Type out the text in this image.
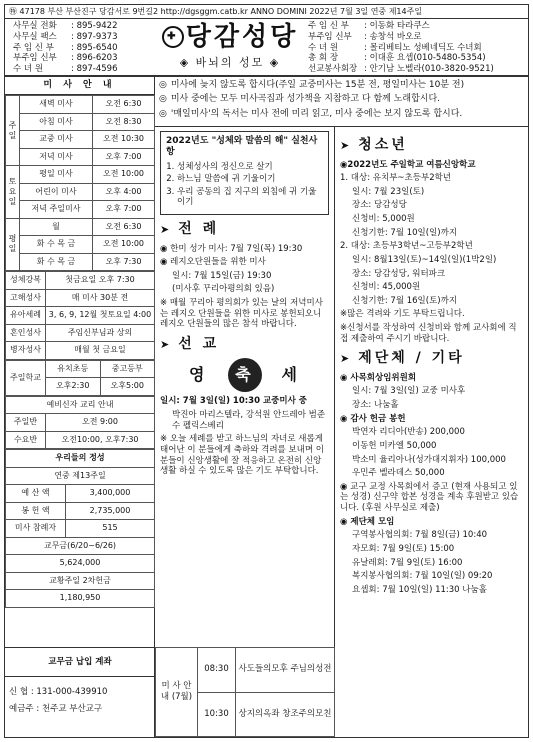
㊕ 47178 부산 부산진구 당감서로 9번길2 http://dgsggm.catb.kr ANNO DOMINI 2022년 7월 3일 연중 제14주일
사무실 전화	: 895-9422
사무실 팩스	: 897-9373
주 임 신 부	: 895-6540
부주임 신부	: 896-6203
수 녀 원	: 897-4596
✚ 당감성당
◈ 바뇌의 성모 ◈
주 임 신 부	: 이동화 타라쿠스
부주임 신부	: 송창석 바오로
수 녀 원	: 몰리베티노 성베네딕도 수녀회
총 회 장	: 이대훈 요셉(010-5480-5354)
선교봉사회장 : 안기남 노벨라(010-3820-9521)
미 사 안 내
주일	새벽 미사	오전 6:30
	아침 미사	오전 8:30
	교중 미사	오전 10:30
	저녁 미사	오후 7:00
토요일	평일 미사	오전 10:00
	어린이 미사	오후 4:00
	저녁 주일미사	오후 7:00
평일	월	오전 6:30
	화 수 목 금	오전 10:00
	화 수 목 금	오후 7:30
성체강복	첫금요일 오후 7:30
고해성사	매 미사 30분 전
유아세례	3, 6, 9, 12월 첫토요일 4:00
혼인성사	주임신부님과 상의
병자성사	매월 첫 금요일
주일학교	유치초등	중고등부
	오후2:30	오후5:00
예비신자 교리 안내	
주일반	오전 9:00
수요반	오전10:00, 오후7:30
우리들의 정성	
연중 제13주일	
예 산 액	3,400,000
봉 헌 액	2,735,000
미사 참례자	515
교무금(6/20~6/26)	
5,624,000	
교황주일 2차헌금	
1,180,950	
교무금 납입 계좌
신 협 : 131-000-439910
예금주 : 천주교 부산교구

◎ 미사에 늦지 않도록 합시다(주일 교중미사는 15분 전, 평일미사는 10분 전)

◎ 미사 중에는 모두 미사곡집과 성가책을 지참하고 다 함께 노래합시다.

◎ '매일미사'의 독서는 미사 전에 미리 읽고, 미사 중에는 보지 않도록 합시다.

2022년도 "성체와 말씀의 해" 실천사항
1. 성체성사의 정신으로 살기
2. 하느님 말씀에 귀 기울이기
3. 우리 공동의 집 지구의 외침에 귀 기울이기
➤ 전 례
◉ 한미 성가 미사: 7월 7일(목) 19:30
◉ 레지오단원들을 위한 미사
일시: 7월 15일(금) 19:30
(미사후 꾸리아평의회 있음)
※ 매월 꾸리아 평의회가 있는 날의 저녁미사는 레지오 단원들을 위한 미사로 봉헌되오니 레지오 단원들의 많은 참석 바랍니다.
➤ 선 교
영	축	세
일시: 7월 3일(일) 10:30 교중미사 중
박진아 마리스텔라, 강석원 안드레아 범준수 펠릭스베리
※ 오늘 세례를 받고 하느님의 자녀로 새롭게 태어난 이 분들에게 축하와 격려를 보내며 이 분들이 신앙생활에 잘 적응하고 온전히 신앙생활 하실 수 있도록 많은 기도 부탁합니다.
미 사 안 내 (7월)	08:30	사도들의모후 주님의성전
	10:30	상지의옥좌 창조주의모친
➤ 청소년
◉2022년도 주일학교 여름신앙학교
1. 대상: 유치부~초등부2학년
일시: 7월 23일(토)
장소: 당감성당
신청비: 5,000원
신청기한: 7월 10일(일)까지
2. 대상: 초등부3학년~고등부2학년
일시: 8월13일(토)~14일(일)(1박2일)
장소: 당감성당, 워터파크
신청비: 45,000원
신청기한: 7월 16일(토)까지
※많은 격려와 기도 부탁드립니다.
※신청서를 작성하여 신청비와 함께 교사회에 직접 제출하여 주시기 바랍니다.
➤ 제단체 / 기타
◉ 사목회상임위원회
일시: 7월 3일(일) 교중 미사후
장소: 나눔홀
◉ 감사 헌금 봉헌
박연자 리디아(반송) 200,000
이동헌 미카엘 50,000
박소미 율리아나(성가대지휘자) 100,000
우민주 벨라데스 50,000
◉ 교구 교정 사목회에서 증고 (현재 사용되고 있는 성경) 신구약 합본 성경을 계속 후원받고 있습니다. (후원 사무실로 제출)
◉ 제단체 모임
구역봉사협의회: 7월 8일(금) 10:40
자모회: 7월 9일(토) 15:00
유날레회: 7월 9일(토) 16:00
복지봉사협의회: 7월 10일(일) 09:20
요셉회: 7월 10일(일) 11:30 나눔홀
